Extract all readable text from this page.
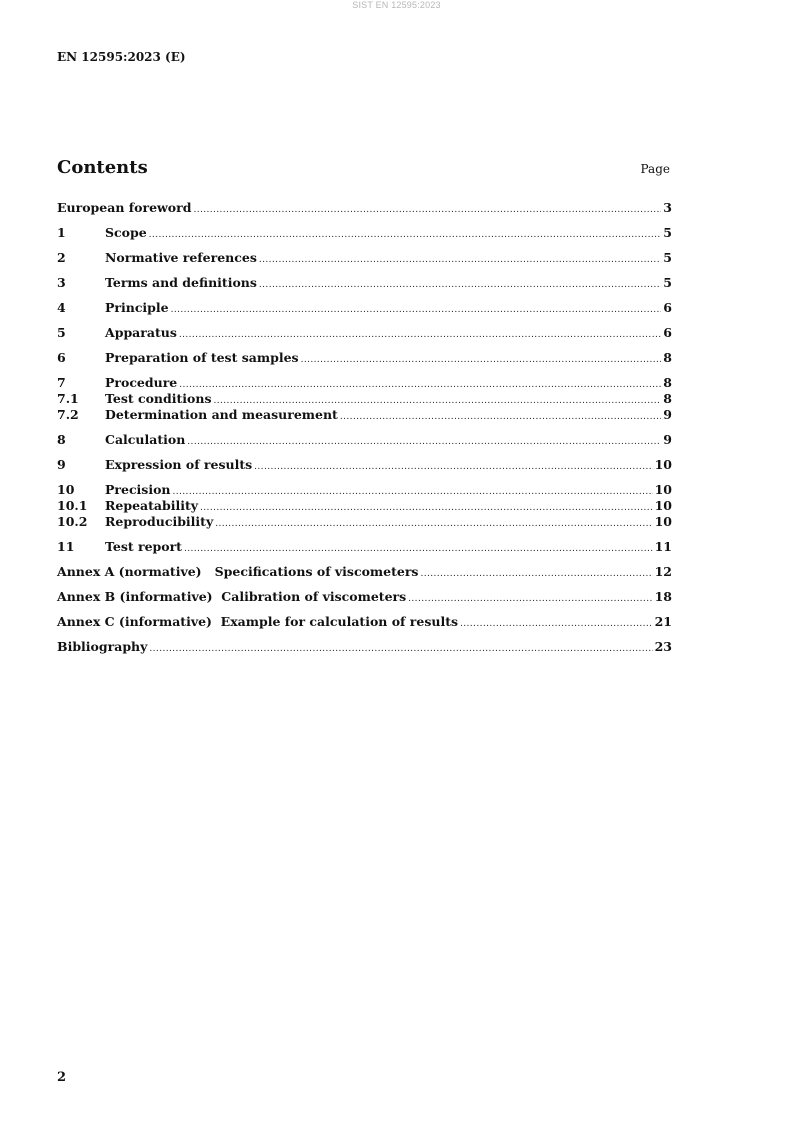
SIST EN 12595:2023
EN 12595:2023 (E)
Contents	Page
European foreword .....	3
1	Scope .....	5
2	Normative references .....	5
3	Terms and definitions .....	5
4	Principle .....	6
5	Apparatus .....	6
6	Preparation of test samples .....	8
7	Procedure .....	8
7.1	Test conditions .....	8
7.2	Determination and measurement .....	9
8	Calculation .....	9
9	Expression of results .....	10
10	Precision .....	10
10.1	Repeatability .....	10
10.2	Reproducibility .....	10
11	Test report .....	11
Annex A (normative)   Specifications of viscometers .....	12
Annex B (informative)  Calibration of viscometers .....	18
Annex C (informative)  Example for calculation of results .....	21
Bibliography .....	23
2
